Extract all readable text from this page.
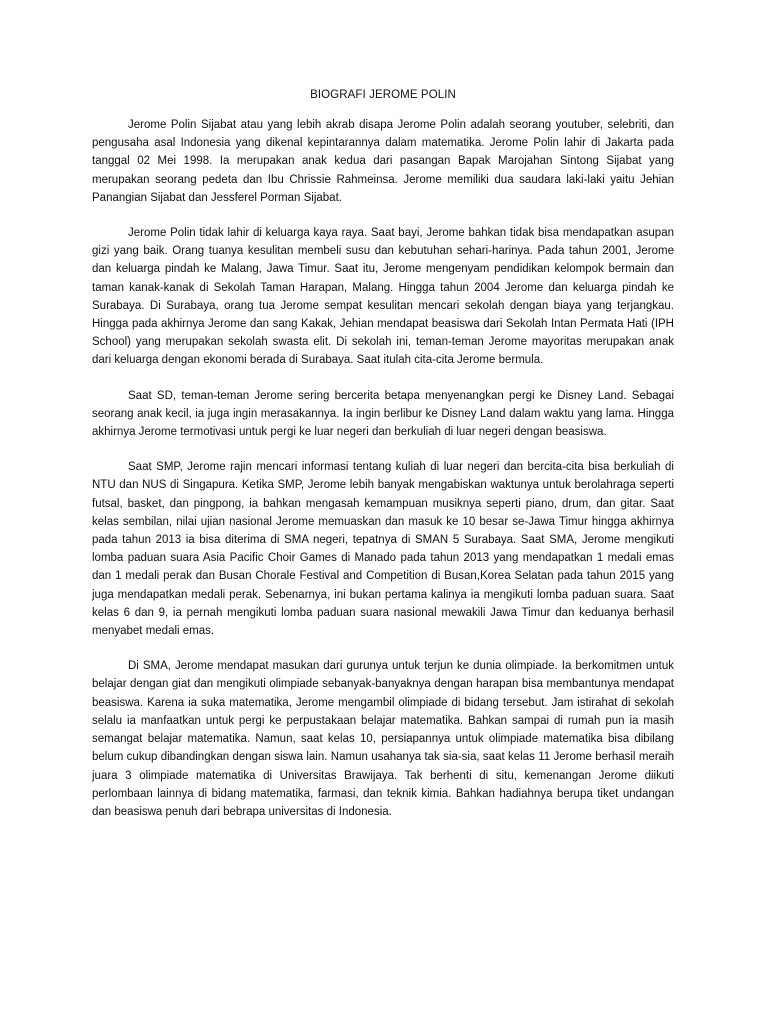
BIOGRAFI JEROME POLIN

Jerome Polin Sijabat atau yang lebih akrab disapa Jerome Polin adalah seorang youtuber, selebriti, dan pengusaha asal Indonesia yang dikenal kepintarannya dalam matematika. Jerome Polin lahir di Jakarta pada tanggal 02 Mei 1998. Ia merupakan anak kedua dari pasangan Bapak Marojahan Sintong Sijabat yang merupakan seorang pedeta dan Ibu Chrissie Rahmeinsa. Jerome memiliki dua saudara laki-laki yaitu Jehian Panangian Sijabat dan Jessferel Porman Sijabat.

Jerome Polin tidak lahir di keluarga kaya raya. Saat bayi, Jerome bahkan tidak bisa mendapatkan asupan gizi yang baik. Orang tuanya kesulitan membeli susu dan kebutuhan sehari-harinya. Pada tahun 2001, Jerome dan keluarga pindah ke Malang, Jawa Timur. Saat itu, Jerome mengenyam pendidikan kelompok bermain dan taman kanak-kanak di Sekolah Taman Harapan, Malang. Hingga tahun 2004 Jerome dan keluarga pindah ke Surabaya. Di Surabaya, orang tua Jerome sempat kesulitan mencari sekolah dengan biaya yang terjangkau. Hingga pada akhirnya Jerome dan sang Kakak, Jehian mendapat beasiswa dari Sekolah Intan Permata Hati (IPH School) yang merupakan sekolah swasta elit. Di sekolah ini, teman-teman Jerome mayoritas merupakan anak dari keluarga dengan ekonomi berada di Surabaya. Saat itulah cita-cita Jerome bermula.

Saat SD, teman-teman Jerome sering bercerita betapa menyenangkan pergi ke Disney Land. Sebagai seorang anak kecil, ia juga ingin merasakannya. Ia ingin berlibur ke Disney Land dalam waktu yang lama. Hingga akhirnya Jerome termotivasi untuk pergi ke luar negeri dan berkuliah di luar negeri dengan beasiswa.

Saat SMP, Jerome rajin mencari informasi tentang kuliah di luar negeri dan bercita-cita bisa berkuliah di NTU dan NUS di Singapura. Ketika SMP, Jerome lebih banyak mengabiskan waktunya untuk berolahraga seperti futsal, basket, dan pingpong, ia bahkan mengasah kemampuan musiknya seperti piano, drum, dan gitar. Saat kelas sembilan, nilai ujian nasional Jerome memuaskan dan masuk ke 10 besar se-Jawa Timur hingga akhirnya pada tahun 2013 ia bisa diterima di SMA negeri, tepatnya di SMAN 5 Surabaya. Saat SMA, Jerome mengikuti lomba paduan suara Asia Pacific Choir Games di Manado pada tahun 2013 yang mendapatkan 1 medali emas dan 1 medali perak dan Busan Chorale Festival and Competition di Busan,Korea Selatan pada tahun 2015 yang juga mendapatkan medali perak. Sebenarnya, ini bukan pertama kalinya ia mengikuti lomba paduan suara. Saat kelas 6 dan 9, ia pernah mengikuti lomba paduan suara nasional mewakili Jawa Timur dan keduanya berhasil menyabet medali emas.

Di SMA, Jerome mendapat masukan dari gurunya untuk terjun ke dunia olimpiade. Ia berkomitmen untuk belajar dengan giat dan mengikuti olimpiade sebanyak-banyaknya dengan harapan bisa membantunya mendapat beasiswa. Karena ia suka matematika, Jerome mengambil olimpiade di bidang tersebut. Jam istirahat di sekolah selalu ia manfaatkan untuk pergi ke perpustakaan belajar matematika. Bahkan sampai di rumah pun ia masih semangat belajar matematika. Namun, saat kelas 10, persiapannya untuk olimpiade matematika bisa dibilang belum cukup dibandingkan dengan siswa lain. Namun usahanya tak sia-sia, saat kelas 11 Jerome berhasil meraih juara 3 olimpiade matematika di Universitas Brawijaya. Tak berhenti di situ, kemenangan Jerome diikuti perlombaan lainnya di bidang matematika, farmasi, dan teknik kimia. Bahkan hadiahnya berupa tiket undangan dan beasiswa penuh dari bebrapa universitas di Indonesia.
